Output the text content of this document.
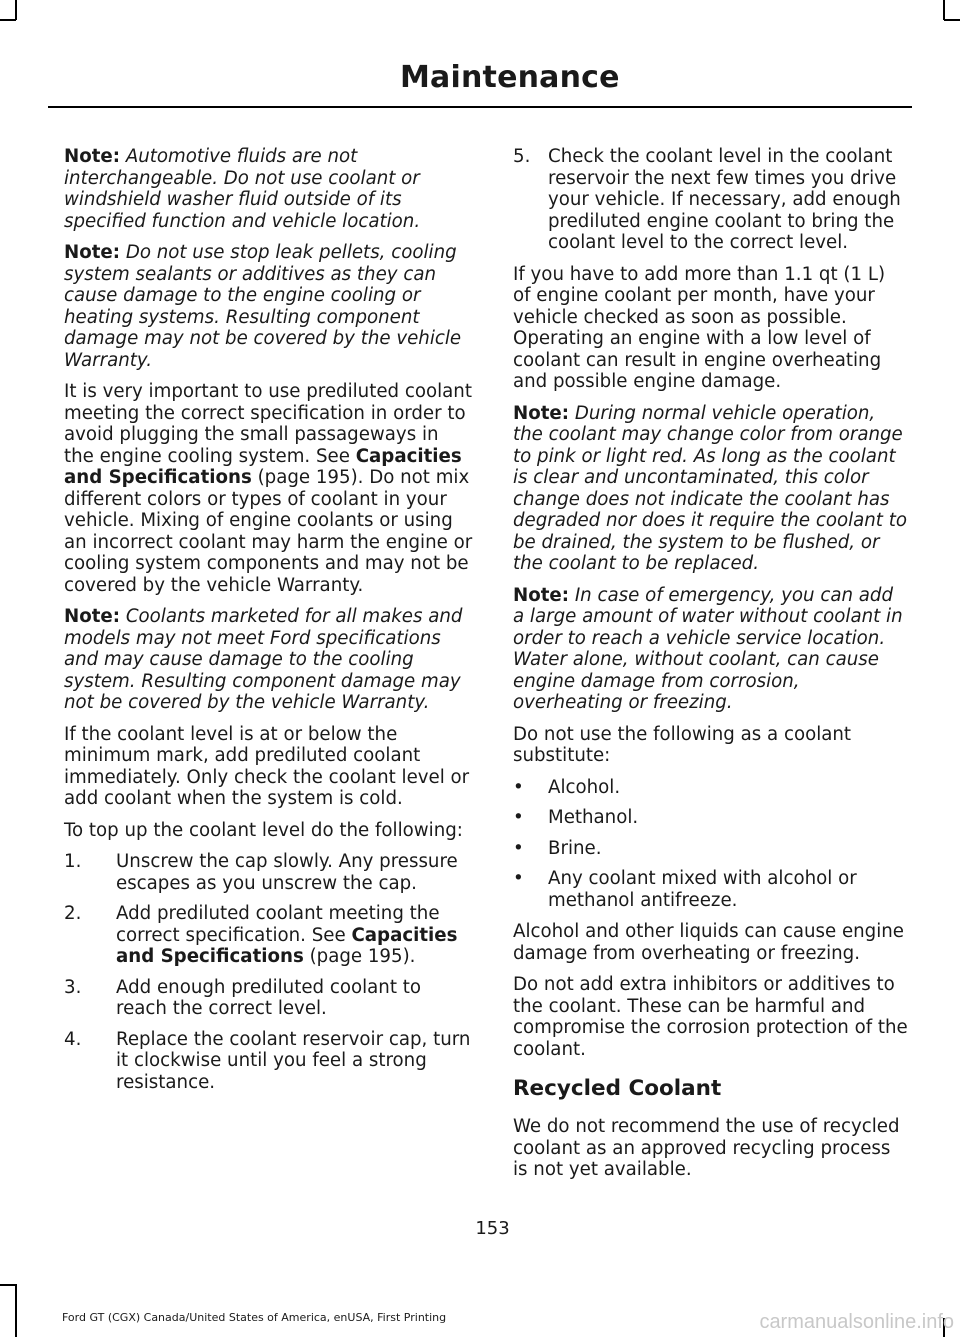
Maintenance

Note: Automotive fluids are not interchangeable. Do not use coolant or windshield washer fluid outside of its specified function and vehicle location.

Note: Do not use stop leak pellets, cooling system sealants or additives as they can cause damage to the engine cooling or heating systems. Resulting component damage may not be covered by the vehicle Warranty.

It is very important to use prediluted coolant meeting the correct specification in order to avoid plugging the small passageways in the engine cooling system. See Capacities and Specifications (page 195). Do not mix different colors or types of coolant in your vehicle. Mixing of engine coolants or using an incorrect coolant may harm the engine or cooling system components and may not be covered by the vehicle Warranty.

Note: Coolants marketed for all makes and models may not meet Ford specifications and may cause damage to the cooling system. Resulting component damage may not be covered by the vehicle Warranty.

If the coolant level is at or below the minimum mark, add prediluted coolant immediately. Only check the coolant level or add coolant when the system is cold.

To top up the coolant level do the following:

1. Unscrew the cap slowly. Any pressure escapes as you unscrew the cap.
2. Add prediluted coolant meeting the correct specification. See Capacities and Specifications (page 195).
3. Add enough prediluted coolant to reach the correct level.
4. Replace the coolant reservoir cap, turn it clockwise until you feel a strong resistance.
5. Check the coolant level in the coolant reservoir the next few times you drive your vehicle. If necessary, add enough prediluted engine coolant to bring the coolant level to the correct level.

If you have to add more than 1.1 qt (1 L) of engine coolant per month, have your vehicle checked as soon as possible. Operating an engine with a low level of coolant can result in engine overheating and possible engine damage.

Note: During normal vehicle operation, the coolant may change color from orange to pink or light red. As long as the coolant is clear and uncontaminated, this color change does not indicate the coolant has degraded nor does it require the coolant to be drained, the system to be flushed, or the coolant to be replaced.

Note: In case of emergency, you can add a large amount of water without coolant in order to reach a vehicle service location. Water alone, without coolant, can cause engine damage from corrosion, overheating or freezing.

Do not use the following as a coolant substitute:

• Alcohol.
• Methanol.
• Brine.
• Any coolant mixed with alcohol or methanol antifreeze.

Alcohol and other liquids can cause engine damage from overheating or freezing.

Do not add extra inhibitors or additives to the coolant. These can be harmful and compromise the corrosion protection of the coolant.

Recycled Coolant

We do not recommend the use of recycled coolant as an approved recycling process is not yet available.

153
Ford GT (CGX) Canada/United States of America, enUSA, First Printing	carmanualsonline.info
